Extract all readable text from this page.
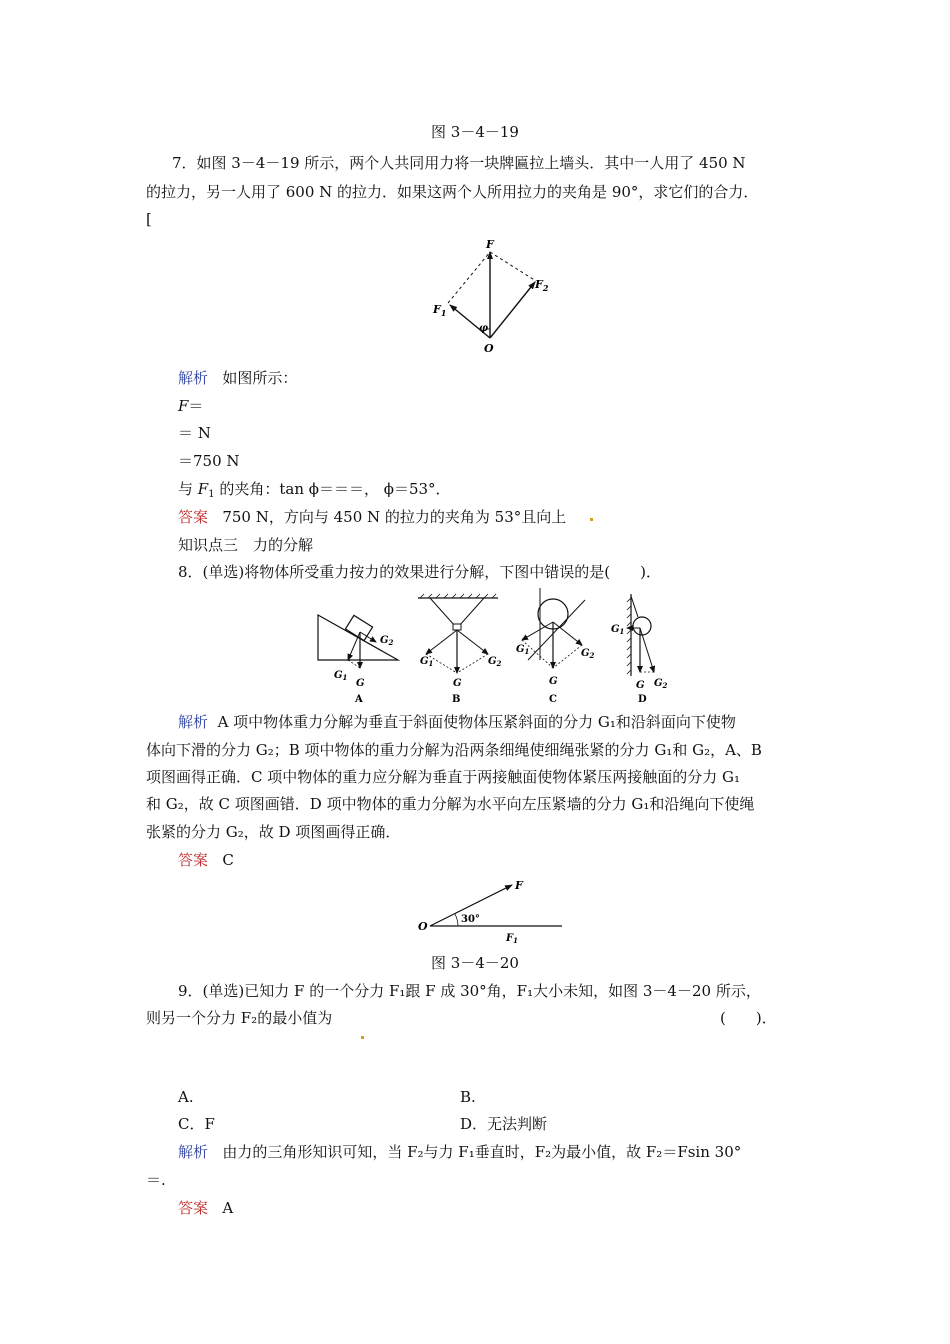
图 3－4－19
7．如图 3－4－19 所示，两个人共同用力将一块牌匾拉上墙头．其中一人用了 450 N
的拉力，另一人用了 600 N 的拉力．如果这两个人所用拉力的夹角是 90°，求它们的合力．
[
F
$F_1$
$F_2$
O
φ
解析 如图所示：
F＝
＝ N
＝750 N
与 $F_1$ 的夹角：tan ϕ＝＝＝， ϕ＝53°．
答案 750 N，方向与 450 N 的拉力的夹角为 53°且向上
知识点三　力的分解
8．(单选)将物体所受重力按力的效果进行分解，下图中错误的是(　　)．
$G_2$
$G_1$
G
A
$G_1$	$G_2$
G
B
$G_1$	$G_2$
G
C
$G_1$
G $G_2$
D
解析 A 项中物体重力分解为垂直于斜面使物体压紧斜面的分力 G₁和沿斜面向下使物
体向下滑的分力 G₂；B 项中物体的重力分解为沿两条细绳使细绳张紧的分力 G₁和 G₂，A、B
项图画得正确．C 项中物体的重力应分解为垂直于两接触面使物体紧压两接触面的分力 G₁
和 G₂，故 C 项图画错．D 项中物体的重力分解为水平向左压紧墙的分力 G₁和沿绳向下使绳
张紧的分力 G₂，故 D 项图画得正确．
答案 C
O
F
30°
$F_1$
图 3－4－20
9．(单选)已知力 F 的一个分力 F₁跟 F 成 30°角，F₁大小未知，如图 3－4－20 所示，
则另一个分力 F₂的最小值为	(　　)．
A.	B.
C．F	D．无法判断
解析 由力的三角形知识可知，当 F₂与力 F₁垂直时，F₂为最小值，故 F₂＝Fsin 30°
＝.
答案 A
